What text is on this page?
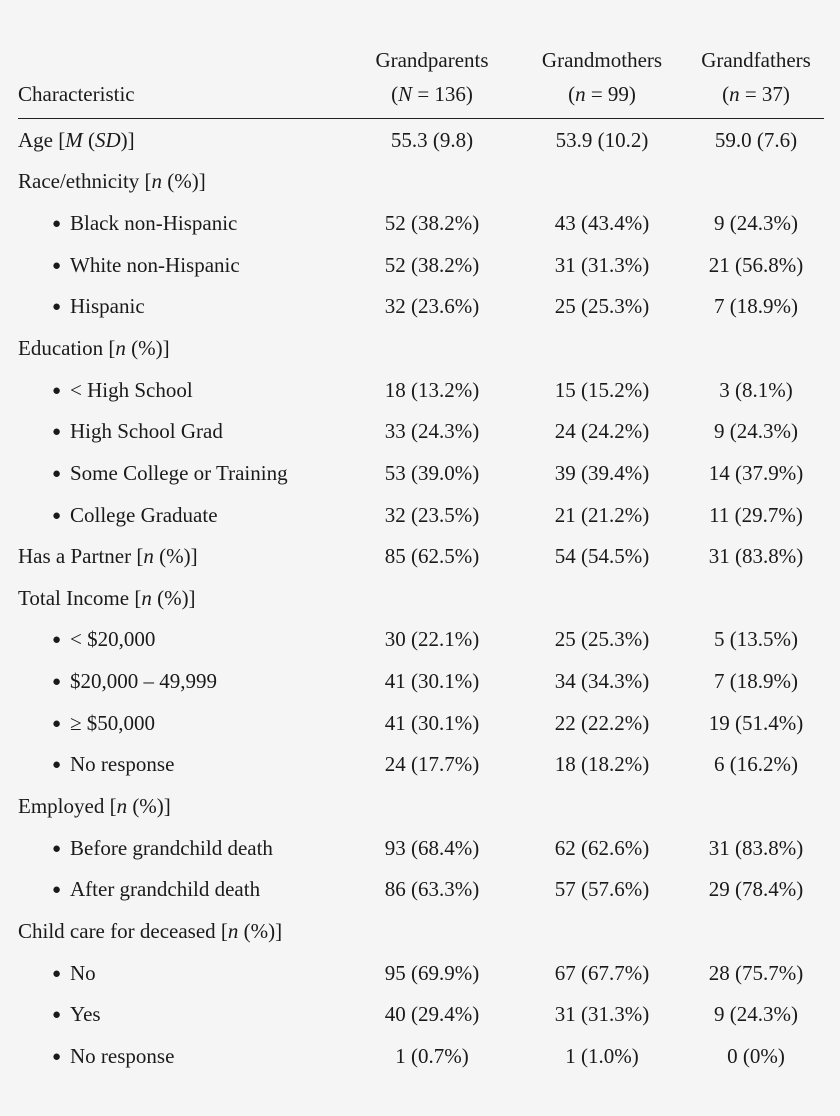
	Grandparents	Grandmothers	Grandfathers
Characteristic	(N = 136)	(n = 99)	(n = 37)
Age [M (SD)]	55.3 (9.8)	53.9 (10.2)	59.0 (7.6)
Race/ethnicity [n (%)]			
● Black non-Hispanic	52 (38.2%)	43 (43.4%)	9 (24.3%)
● White non-Hispanic	52 (38.2%)	31 (31.3%)	21 (56.8%)
● Hispanic	32 (23.6%)	25 (25.3%)	7 (18.9%)
Education [n (%)]			
● < High School	18 (13.2%)	15 (15.2%)	3 (8.1%)
● High School Grad	33 (24.3%)	24 (24.2%)	9 (24.3%)
● Some College or Training	53 (39.0%)	39 (39.4%)	14 (37.9%)
● College Graduate	32 (23.5%)	21 (21.2%)	11 (29.7%)
Has a Partner [n (%)]	85 (62.5%)	54 (54.5%)	31 (83.8%)
Total Income [n (%)]			
● < $20,000	30 (22.1%)	25 (25.3%)	5 (13.5%)
● $20,000 – 49,999	41 (30.1%)	34 (34.3%)	7 (18.9%)
● ≥ $50,000	41 (30.1%)	22 (22.2%)	19 (51.4%)
● No response	24 (17.7%)	18 (18.2%)	6 (16.2%)
Employed [n (%)]			
● Before grandchild death	93 (68.4%)	62 (62.6%)	31 (83.8%)
● After grandchild death	86 (63.3%)	57 (57.6%)	29 (78.4%)
Child care for deceased [n (%)]			
● No	95 (69.9%)	67 (67.7%)	28 (75.7%)
● Yes	40 (29.4%)	31 (31.3%)	9 (24.3%)
● No response	1 (0.7%)	1 (1.0%)	0 (0%)
